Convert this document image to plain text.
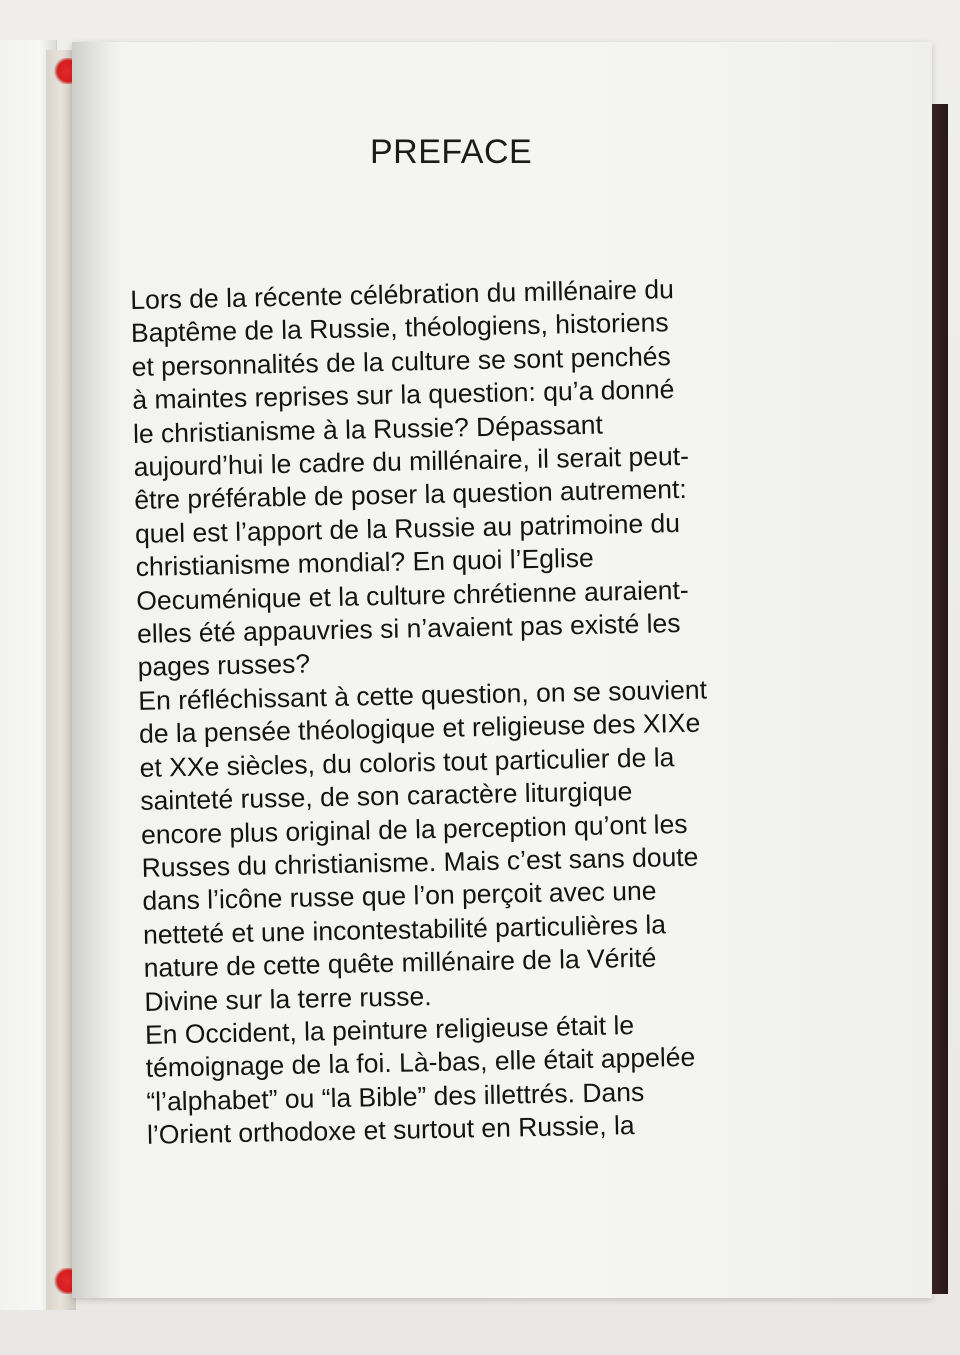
PREFACE
Lors de la récente célébration du millénaire du
Baptême de la Russie, théologiens, historiens
et personnalités de la culture se sont penchés
à maintes reprises sur la question: qu’a donné
le christianisme à la Russie? Dépassant
aujourd’hui le cadre du millénaire, il serait peut-
être préférable de poser la question autrement:
quel est l’apport de la Russie au patrimoine du
christianisme mondial? En quoi l’Eglise
Oecuménique et la culture chrétienne auraient-
elles été appauvries si n’avaient pas existé les
pages russes?
En réfléchissant à cette question, on se souvient
de la pensée théologique et religieuse des XIXe
et XXe siècles, du coloris tout particulier de la
sainteté russe, de son caractère liturgique
encore plus original de la perception qu’ont les
Russes du christianisme. Mais c’est sans doute
dans l’icône russe que l’on perçoit avec une
netteté et une incontestabilité particulières la
nature de cette quête millénaire de la Vérité
Divine sur la terre russe.
En Occident, la peinture religieuse était le
témoignage de la foi. Là-bas, elle était appelée
“l’alphabet” ou “la Bible” des illettrés. Dans
l’Orient orthodoxe et surtout en Russie, la
